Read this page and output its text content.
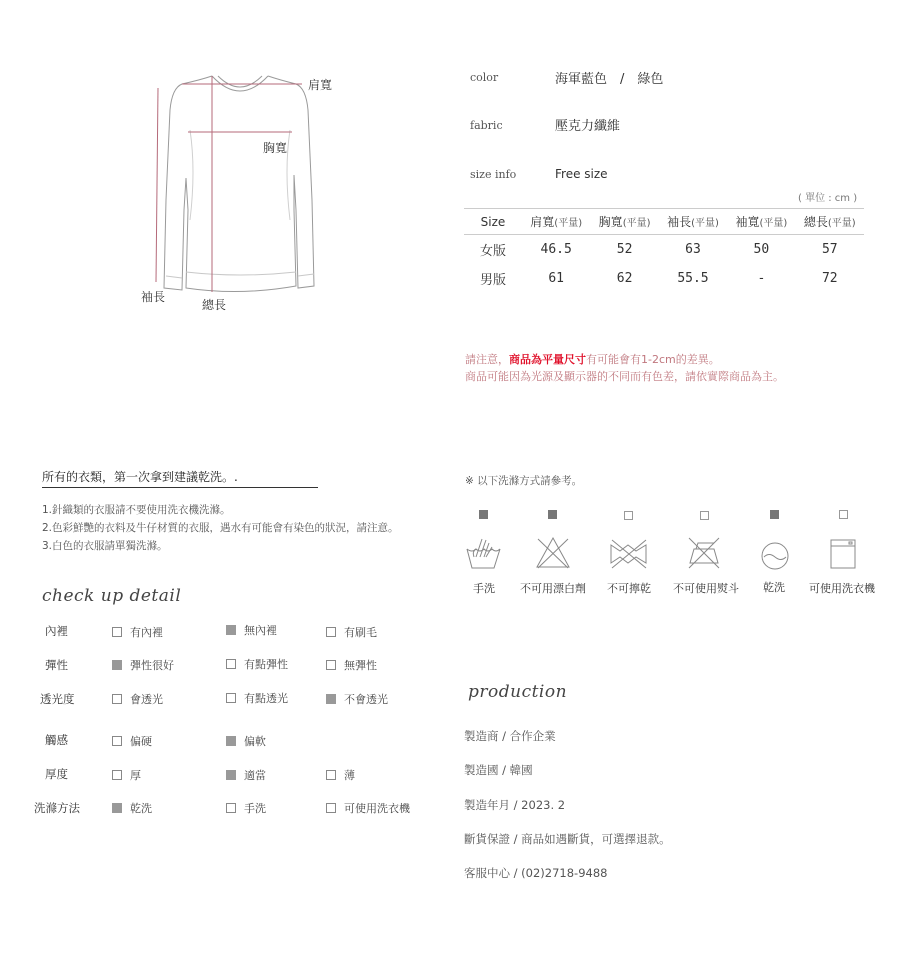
肩寬
胸寬
袖長
總長
color	海軍藍色　/　綠色
fabric	壓克力纖維
size info	Free size
( 單位 : cm )
Size	肩寬(平量)	胸寬(平量)	袖長(平量)	袖寬(平量)	總長(平量)
女版	46.5	52	63	50	57
男版	61	62	55.5	-	72
請注意，商品為平量尺寸有可能會有1-2cm的差異。
商品可能因為光源及顯示器的不同而有色差，請依實際商品為主。
所有的衣類，第一次拿到建議乾洗。.
1.針織類的衣服請不要使用洗衣機洗滌。
2.色彩鮮艷的衣料及牛仔材質的衣服，遇水有可能會有染色的狀況，請注意。
3.白色的衣服請單獨洗滌。
check up detail
內裡	有內裡	無內裡	有刷毛
彈性	彈性很好	有點彈性	無彈性
透光度	會透光	有點透光	不會透光
觸感	偏硬	偏軟
厚度	厚	適當	薄
洗滌方法	乾洗	手洗	可使用洗衣機
※ 以下洗滌方式請參考。
手洗	不可用漂白劑	不可擰乾	不可使用熨斗	乾洗	可使用洗衣機
production
製造商 / 合作企業
製造國 / 韓國
製造年月 / 2023. 2
斷貨保證 / 商品如遇斷貨，可選擇退款。
客服中心 / (02)2718-9488
